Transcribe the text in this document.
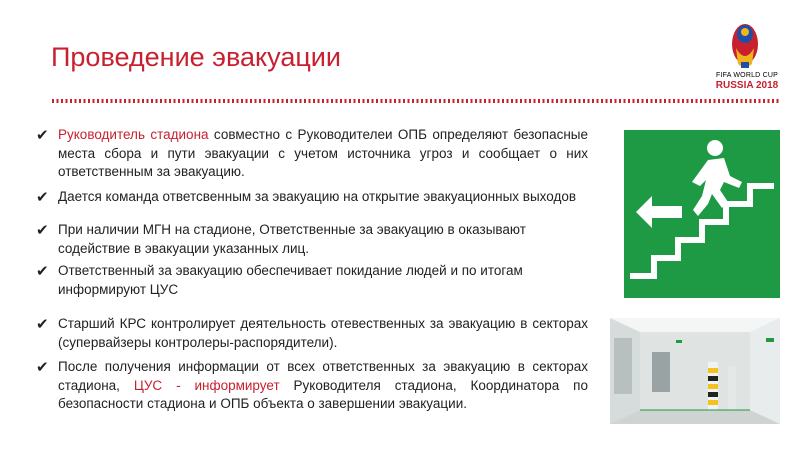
Проведение эвакуации
FIFA WORLD CUP
RUSSIA 2018
✔ Руководитель стадиона совместно с Руководителеи ОПБ определяют безопасные места сбора и пути эвакуации с учетом источника угроз и сообщает о них ответственным за эвакуацию.
✔ Дается команда ответсвенным за эвакуацию на открытие эвакуационных выходов
✔ При наличии МГН на стадионе, Ответственные за эвакуацию в оказывают содействие в эвакуации указанных лиц.
✔ Ответственный за эвакуацию обеспечивает покидание людей и по итогам информируют ЦУС
✔ Старший КРС контролирует деятельность отевественных за эвакуацию в секторах (супервайзеры контролеры-распорядители).
✔ После получения информации от всех ответственных за эвакуацию в секторах стадиона, ЦУС - информирует Руководителя стадиона, Координатора по безопасности стадиона и ОПБ объекта о завершении эвакуации.
